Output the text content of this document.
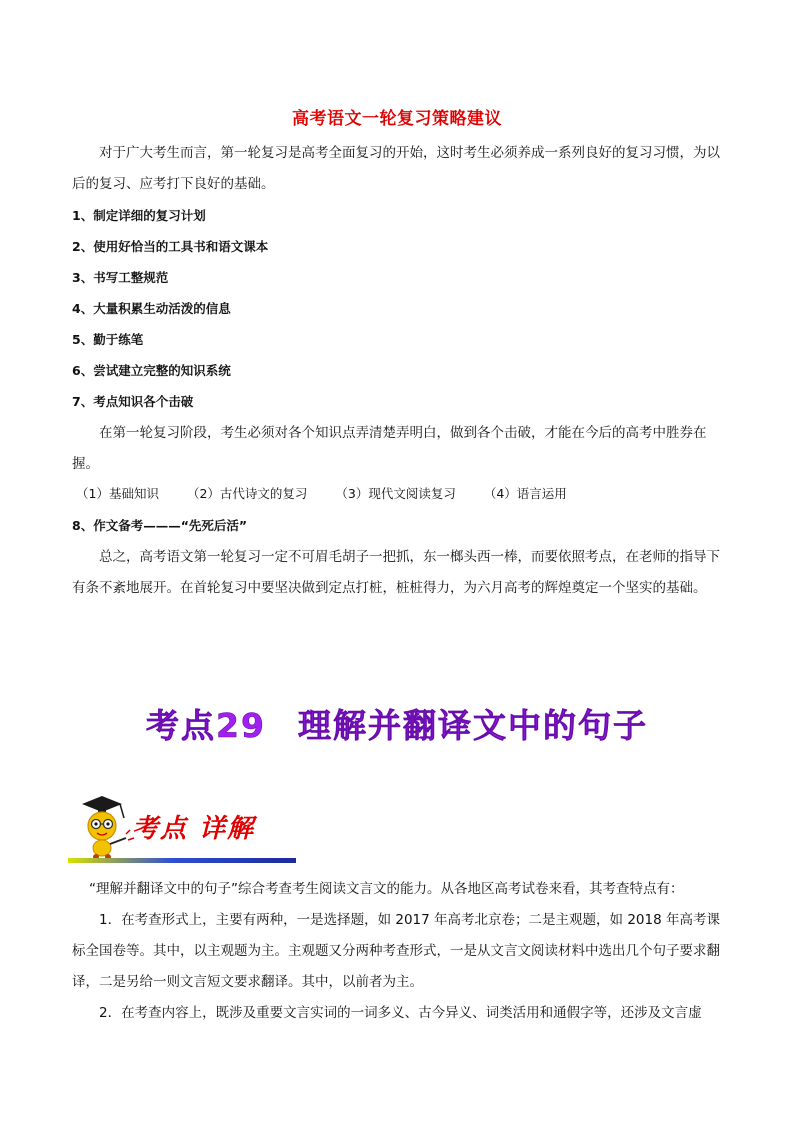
高考语文一轮复习策略建议
对于广大考生而言，第一轮复习是高考全面复习的开始，这时考生必须养成一系列良好的复习习惯，为以后的复习、应考打下良好的基础。
1、制定详细的复习计划
2、使用好恰当的工具书和语文课本
3、书写工整规范
4、大量积累生动活泼的信息
5、勤于练笔
6、尝试建立完整的知识系统
7、考点知识各个击破
在第一轮复习阶段，考生必须对各个知识点弄清楚弄明白，做到各个击破，才能在今后的高考中胜券在握。
（1）基础知识 （2）古代诗文的复习 （3）现代文阅读复习 （4）语言运用
8、作文备考———“先死后活”
总之，高考语文第一轮复习一定不可眉毛胡子一把抓，东一榔头西一棒，而要依照考点，在老师的指导下有条不紊地展开。在首轮复习中要坚决做到定点打桩，桩桩得力，为六月高考的辉煌奠定一个坚实的基础。
考点29 理解并翻译文中的句子
考点 详解
“理解并翻译文中的句子”综合考查考生阅读文言文的能力。从各地区高考试卷来看，其考查特点有：
1．在考查形式上，主要有两种，一是选择题，如 2017 年高考北京卷；二是主观题，如 2018 年高考课标全国卷等。其中，以主观题为主。主观题又分两种考查形式，一是从文言文阅读材料中选出几个句子要求翻译，二是另给一则文言短文要求翻译。其中，以前者为主。
2．在考查内容上，既涉及重要文言实词的一词多义、古今异义、词类活用和通假字等，还涉及文言虚
